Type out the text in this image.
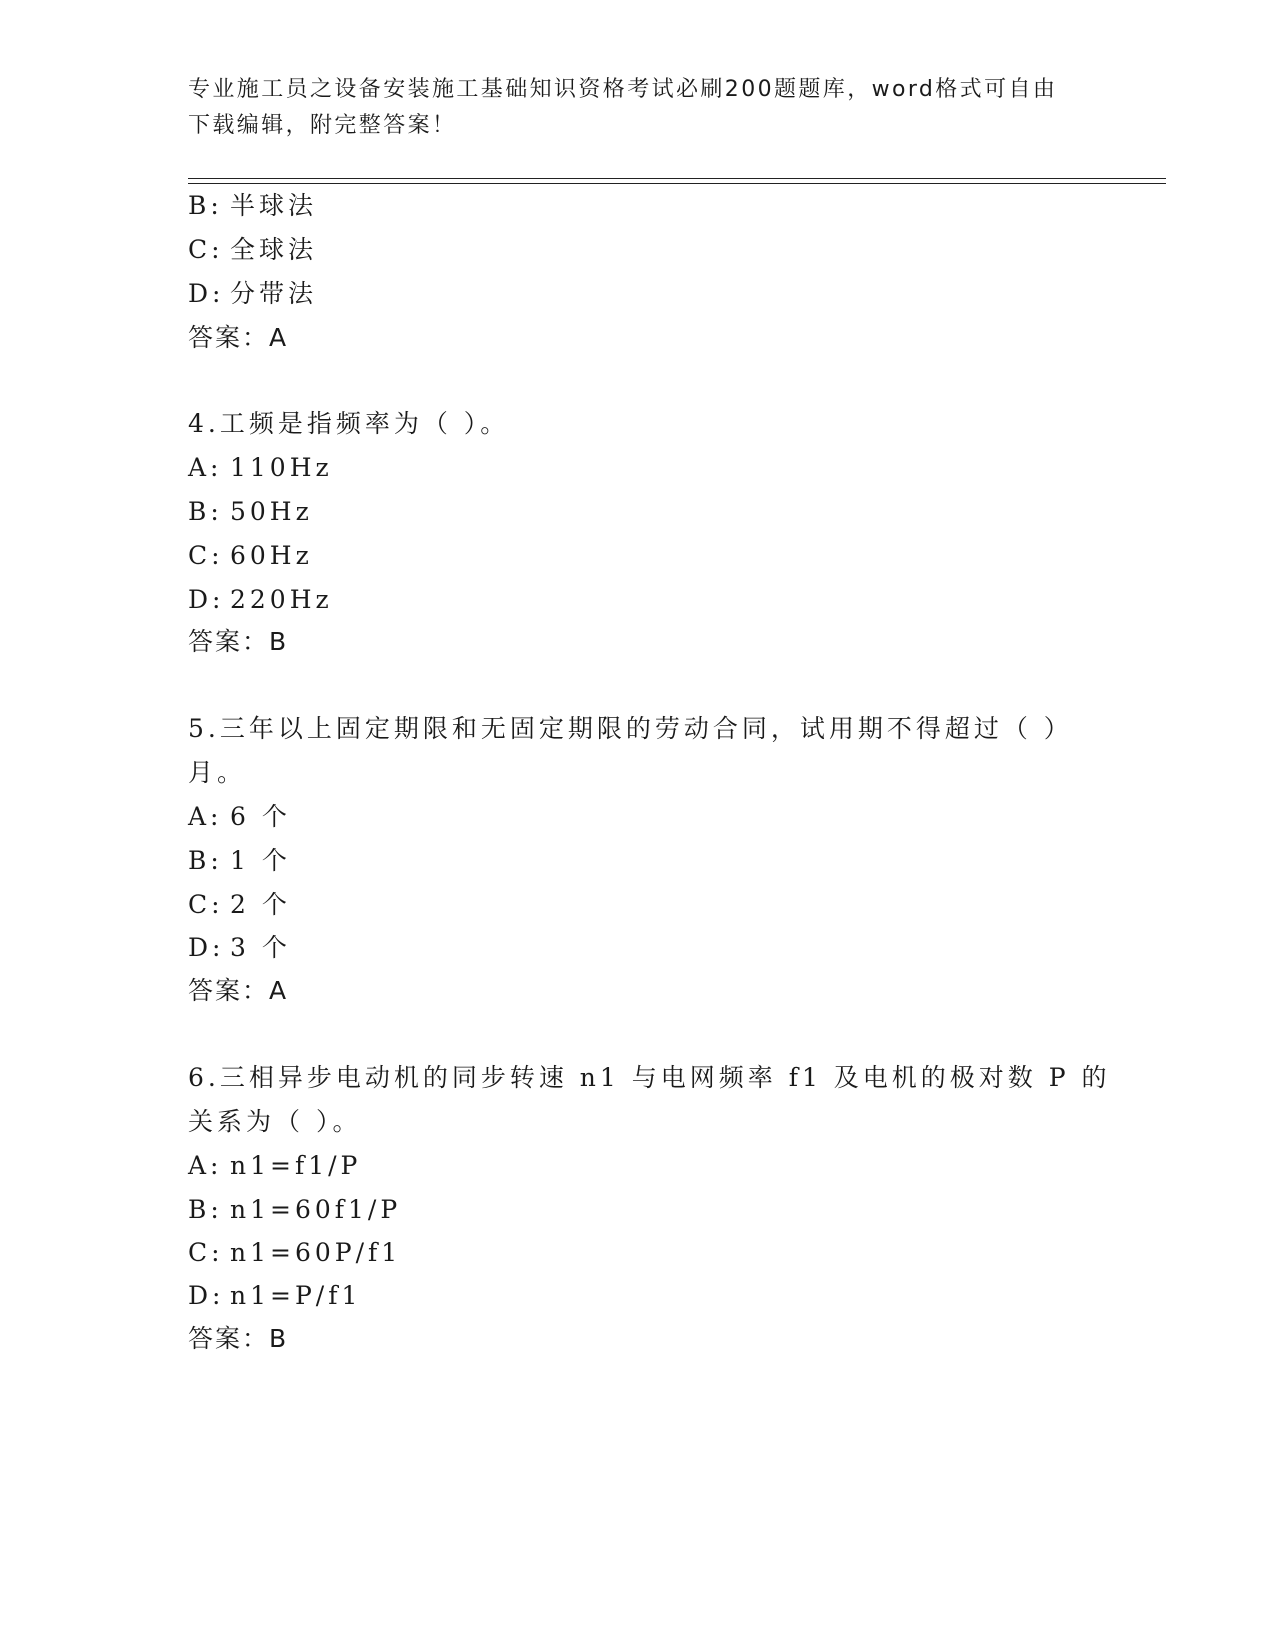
专业施工员之设备安装施工基础知识资格考试必刷200题题库，word格式可自由
下载编辑，附完整答案！
B: 半球法
C: 全球法
D: 分带法
答案：A
4.工频是指频率为（ ）。
A: 110Hz
B: 50Hz
C: 60Hz
D: 220Hz
答案：B
5.三年以上固定期限和无固定期限的劳动合同，试用期不得超过（ ）
月。
A: 6 个
B: 1 个
C: 2 个
D: 3 个
答案：A
6.三相异步电动机的同步转速 n1 与电网频率 f1 及电机的极对数 P 的
关系为（ ）。
A: n1=f1/P
B: n1=60f1/P
C: n1=60P/f1
D: n1=P/f1
答案：B
